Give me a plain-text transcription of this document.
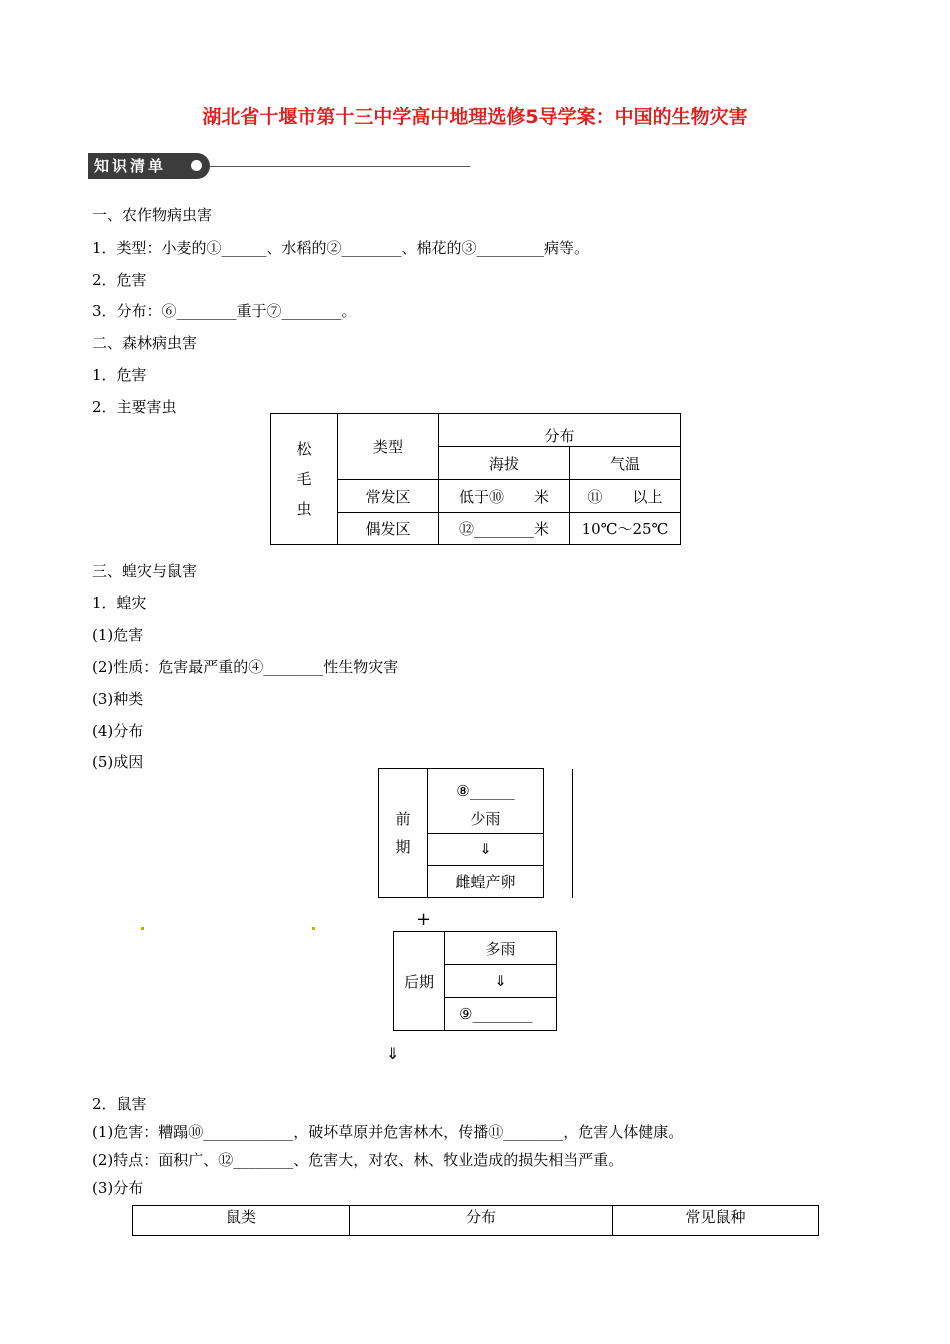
湖北省十堰市第十三中学高中地理选修5导学案：中国的生物灾害
知识清单
一、农作物病虫害
1．类型：小麦的①______、水稻的②________、棉花的③_________病等。
2．危害
3．分布：⑥________重于⑦________。
二、森林病虫害
1．危害
2．主要害虫
松毛虫	类型	分布	
		海拔	气温
	常发区	低于⑩　　米	⑪　　以上
	偶发区	⑫________米	10℃～25℃
三、蝗灾与鼠害
1．蝗灾
(1)危害
(2)性质：危害最严重的④________性生物灾害
(3)种类
(4)分布
(5)成因
前期	
⑧______
少雨

⇓
雌蝗产卵
+
后期	多雨
⇓
⑨________
⇓
2．鼠害
(1)危害：糟蹋⑩____________，破坏草原并危害林木，传播⑪________，危害人体健康。
(2)特点：面积广、⑫________、危害大，对农、林、牧业造成的损失相当严重。
(3)分布
鼠类	分布	常见鼠种
